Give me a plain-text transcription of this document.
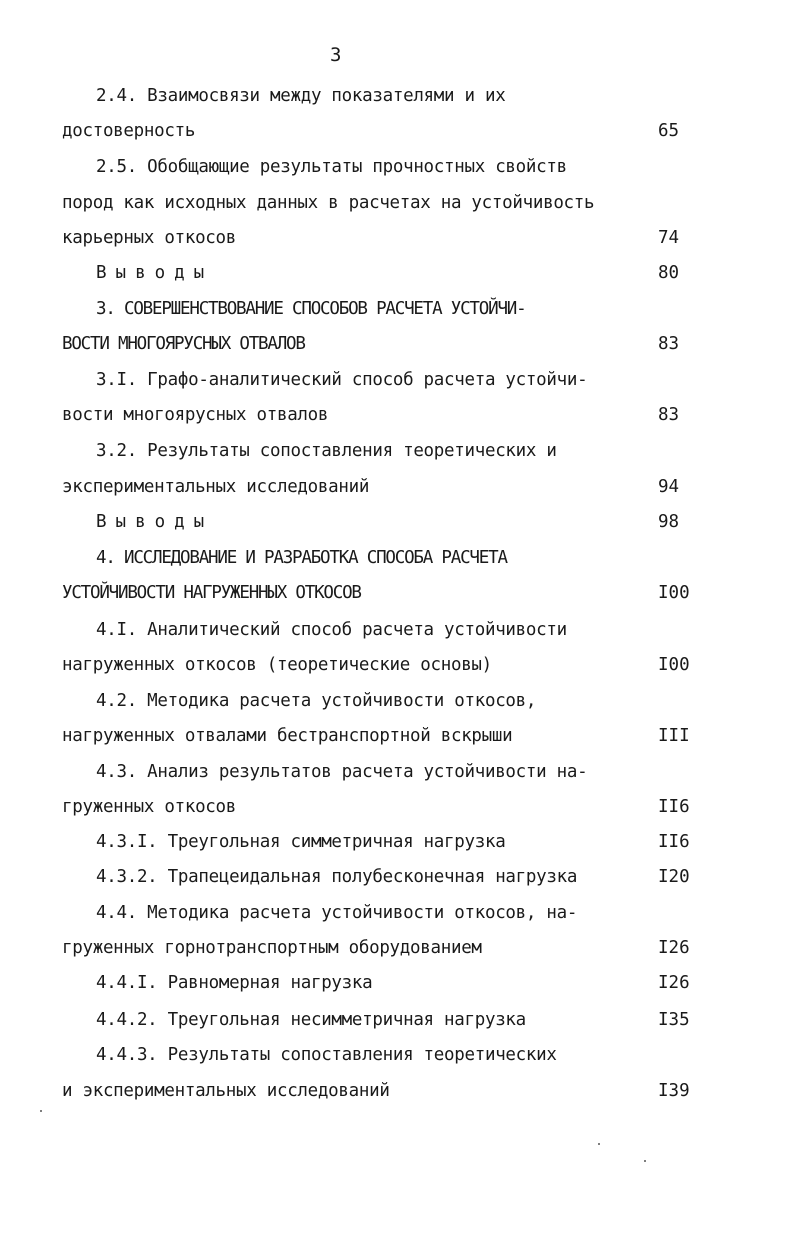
3
2.4. Взаимосвязи между показателями и их
достоверность
2.5. Обобщающие результаты прочностных свойств
пород как исходных данных в расчетах на устойчивость
карьерных откосов
Выводы
3. СОВЕРШЕНСТВОВАНИЕ СПОСОБОВ РАСЧЕТА УСТОЙЧИ-
ВОСТИ МНОГОЯРУСНЫХ ОТВАЛОВ
3.I. Графо-аналитический способ расчета устойчи-
вости многоярусных отвалов
3.2. Результаты сопоставления теоретических и
экспериментальных исследований
Выводы
4. ИССЛЕДОВАНИЕ И РАЗРАБОТКА СПОСОБА РАСЧЕТА
УСТОЙЧИВОСТИ НАГРУЖЕННЫХ ОТКОСОВ
4.I. Аналитический способ расчета устойчивости
нагруженных откосов (теоретические основы)
4.2. Методика расчета устойчивости откосов,
нагруженных отвалами бестранспортной вскрыши
4.3. Анализ результатов расчета устойчивости на-
груженных откосов
4.3.I. Треугольная симметричная нагрузка
4.3.2. Трапецеидальная полубесконечная нагрузка
4.4. Методика расчета устойчивости откосов, на-
груженных горнотранспортным оборудованием
4.4.I. Равномерная нагрузка
4.4.2. Треугольная несимметричная нагрузка
4.4.3. Результаты сопоставления теоретических
и экспериментальных исследований
65
74
80
83
83
94
98
I00
I00
III
II6
II6
I20
I26
I26
I35
I39
